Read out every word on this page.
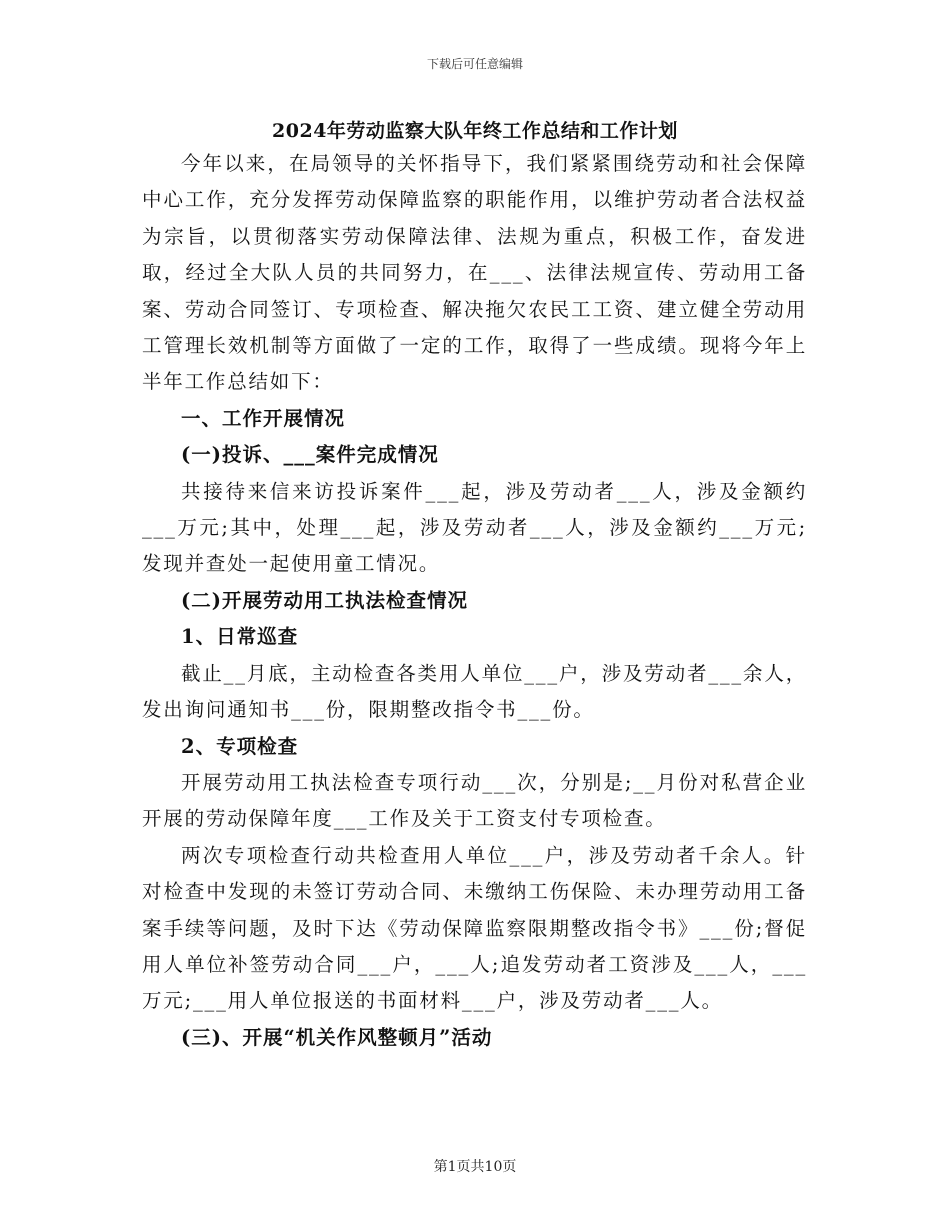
下载后可任意编辑
2024年劳动监察大队年终工作总结和工作计划

今年以来，在局领导的关怀指导下，我们紧紧围绕劳动和社会保障中心工作，充分发挥劳动保障监察的职能作用，以维护劳动者合法权益为宗旨，以贯彻落实劳动保障法律、法规为重点，积极工作，奋发进取，经过全大队人员的共同努力，在___、法律法规宣传、劳动用工备案、劳动合同签订、专项检查、解决拖欠农民工工资、建立健全劳动用工管理长效机制等方面做了一定的工作，取得了一些成绩。现将今年上半年工作总结如下：

一、工作开展情况
(一)投诉、___案件完成情况

共接待来信来访投诉案件___起，涉及劳动者___人，涉及金额约___万元;其中，处理___起，涉及劳动者___人，涉及金额约___万元;发现并查处一起使用童工情况。

(二)开展劳动用工执法检查情况
1、日常巡查

截止__月底，主动检查各类用人单位___户，涉及劳动者___余人，发出询问通知书___份，限期整改指令书___份。

2、专项检查

开展劳动用工执法检查专项行动___次，分别是;__月份对私营企业开展的劳动保障年度___工作及关于工资支付专项检查。

两次专项检查行动共检查用人单位___户，涉及劳动者千余人。针对检查中发现的未签订劳动合同、未缴纳工伤保险、未办理劳动用工备案手续等问题，及时下达《劳动保障监察限期整改指令书》___份;督促用人单位补签劳动合同___户，___人;追发劳动者工资涉及___人，___万元;___用人单位报送的书面材料___户，涉及劳动者___人。

(三)、开展“机关作风整顿月”活动
第1页共10页
